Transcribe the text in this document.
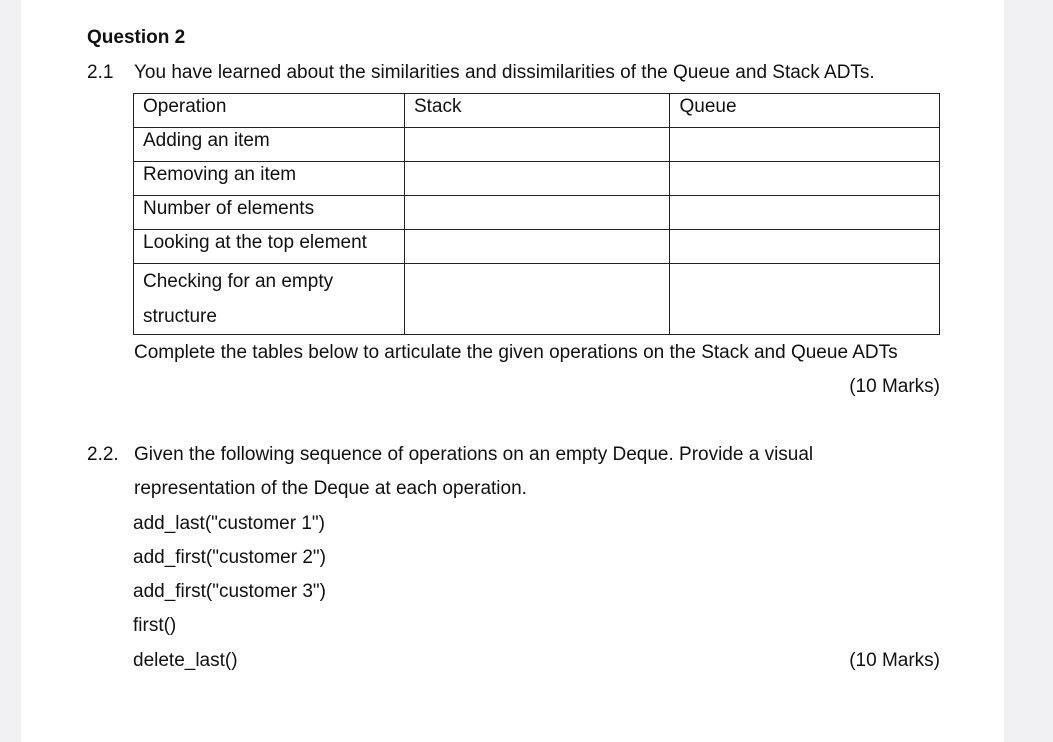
Question 2
2.1 You have learned about the similarities and dissimilarities of the Queue and Stack ADTs.
Operation	Stack	Queue
Adding an item		
Removing an item		
Number of elements		
Looking at the top element		

Checking for an empty structure		

Complete the tables below to articulate the given operations on the Stack and Queue ADTs
(10 Marks)
2.2. Given the following sequence of operations on an empty Deque. Provide a visual
representation of the Deque at each operation.
add_last("customer 1")
add_first("customer 2")
add_first("customer 3")
first()
delete_last()	(10 Marks)
